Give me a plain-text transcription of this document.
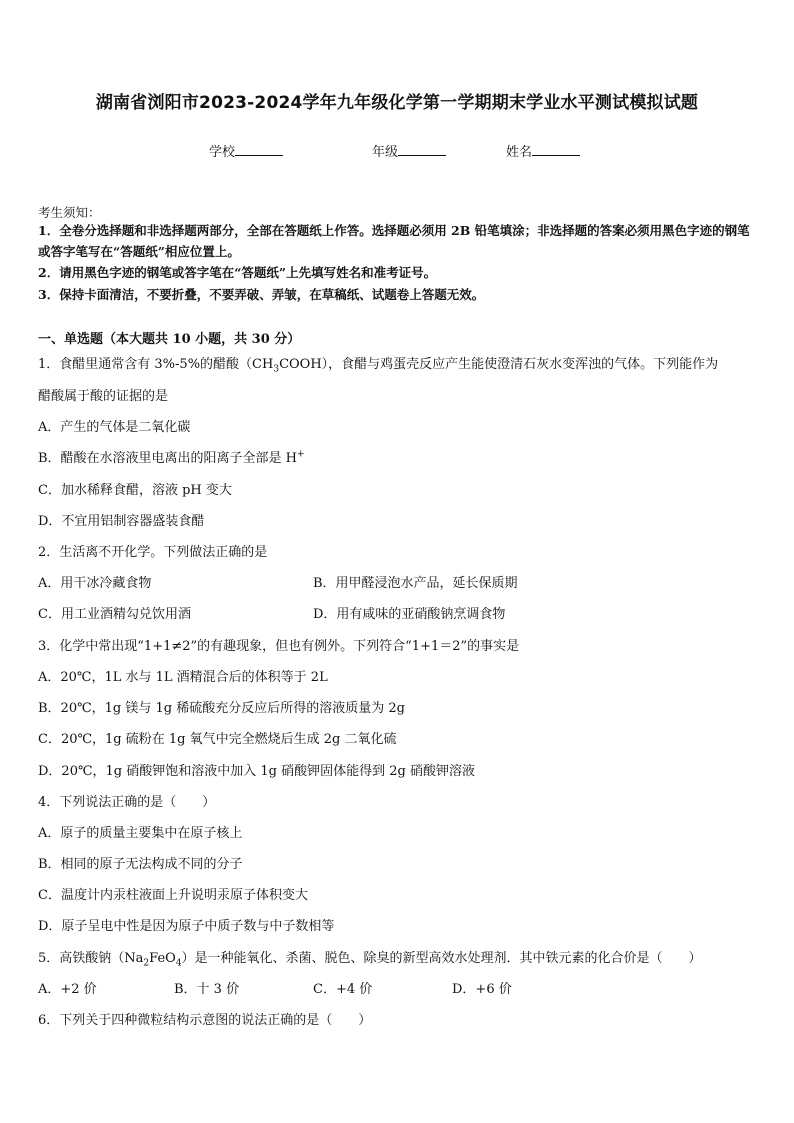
湖南省浏阳市2023-2024学年九年级化学第一学期期末学业水平测试模拟试题
学校	年级	姓名
考生须知：
1．全卷分选择题和非选择题两部分，全部在答题纸上作答。选择题必须用 2B 铅笔填涂；非选择题的答案必须用黑色字迹的钢笔或答字笔写在“答题纸”相应位置上。
2．请用黑色字迹的钢笔或答字笔在“答题纸”上先填写姓名和准考证号。
3．保持卡面清洁，不要折叠，不要弄破、弄皱，在草稿纸、试题卷上答题无效。
一、单选题（本大题共 10 小题，共 30 分）
1．食醋里通常含有 3%-5%的醋酸$(CH_3COOH)$，食醋与鸡蛋壳反应产生能使澄清石灰水变浑浊的气体。下列能作为
醋酸属于酸的证据的是
A．产生的气体是二氧化碳
B．醋酸在水溶液里电离出的阳离子全部是 H+
C．加水稀释食醋，溶液 pH 变大
D．不宜用铝制容器盛装食醋
2．生活离不开化学。下列做法正确的是
A．用干冰冷藏食物	B．用甲醛浸泡水产品，延长保质期
C．用工业酒精勾兑饮用酒	D．用有咸味的亚硝酸钠烹调食物
3．化学中常出现“1+1≠2”的有趣现象，但也有例外。下列符合“1+1＝2”的事实是
A．20℃，1L 水与 1L 酒精混合后的体积等于 2L
B．20℃，1g 镁与 1g 稀硫酸充分反应后所得的溶液质量为 2g
C．20℃，1g 硫粉在 1g 氧气中完全燃烧后生成 2g 二氧化硫
D．20℃，1g 硝酸钾饱和溶液中加入 1g 硝酸钾固体能得到 2g 硝酸钾溶液
4．下列说法正确的是（　　）
A．原子的质量主要集中在原子核上
B．相同的原子无法构成不同的分子
C．温度计内汞柱液面上升说明汞原子体积变大
D．原子呈电中性是因为原子中质子数与中子数相等
5．高铁酸钠$(Na_2FeO_4)$是一种能氧化、杀菌、脱色、除臭的新型高效水处理剂．其中铁元素的化合价是（　　）
A．+2 价	B．十 3 价	C．+4 价	D．+6 价
6．下列关于四种微粒结构示意图的说法正确的是（　　）
